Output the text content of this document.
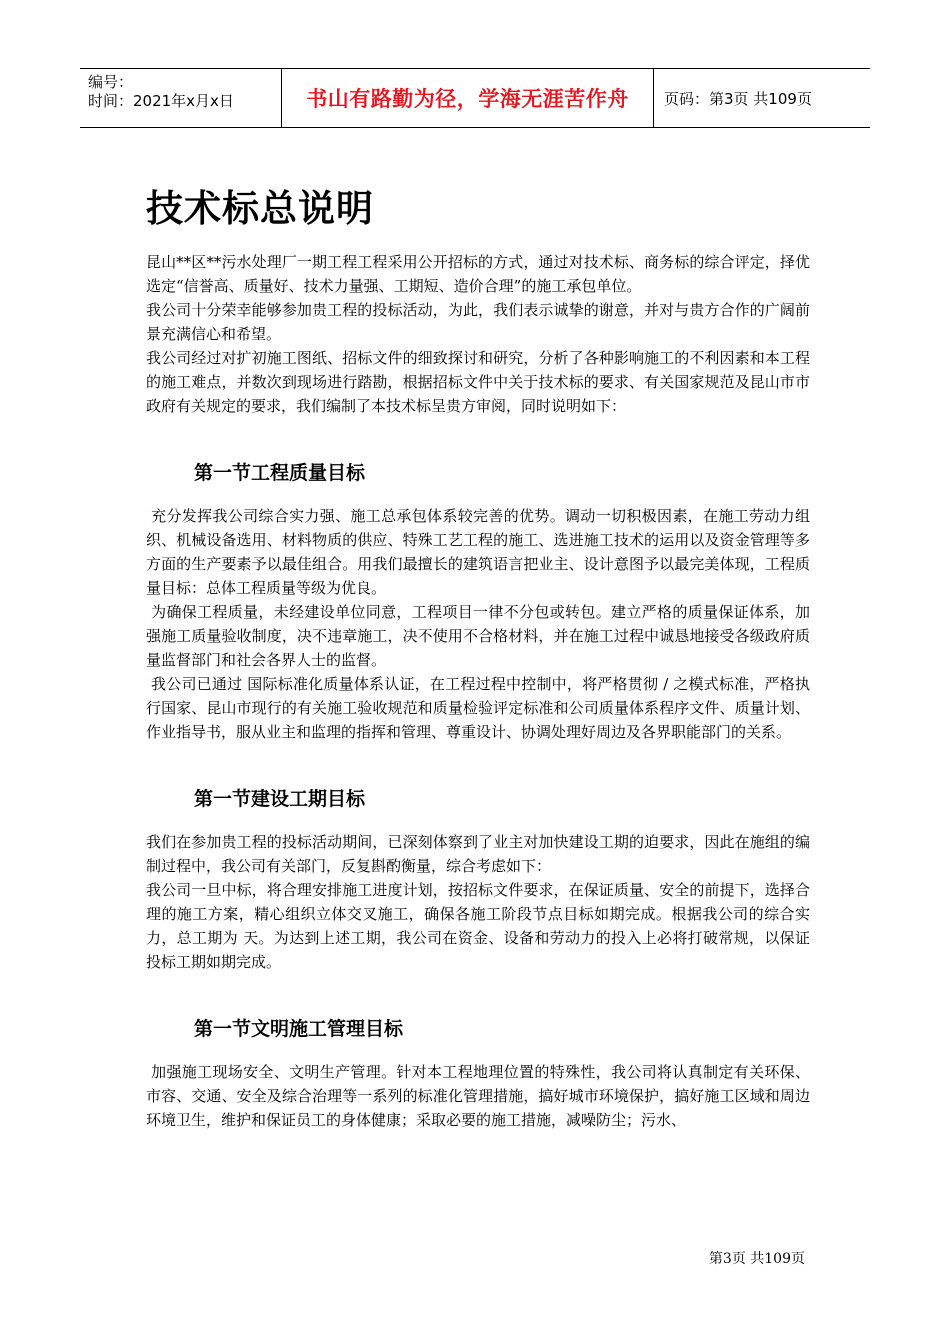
编号：
时间：2021年x月x日	书山有路勤为径，学海无涯苦作舟	页码：第3页 共109页
技术标总说明

昆山**区**污水处理厂一期工程工程采用公开招标的方式，通过对技术标、商务标的综合评定，择优选定“信誉高、质量好、技术力量强、工期短、造价合理”的施工承包单位。

我公司十分荣幸能够参加贵工程的投标活动，为此，我们表示诚挚的谢意，并对与贵方合作的广阔前景充满信心和希望。

我公司经过对扩初施工图纸、招标文件的细致探讨和研究，分析了各种影响施工的不利因素和本工程的施工难点，并数次到现场进行踏勘，根据招标文件中关于技术标的要求、有关国家规范及昆山市市政府有关规定的要求，我们编制了本技术标呈贵方审阅，同时说明如下：

第一节工程质量目标

充分发挥我公司综合实力强、施工总承包体系较完善的优势。调动一切积极因素，在施工劳动力组织、机械设备选用、材料物质的供应、特殊工艺工程的施工、选进施工技术的运用以及资金管理等多方面的生产要素予以最佳组合。用我们最擅长的建筑语言把业主、设计意图予以最完美体现，工程质量目标：总体工程质量等级为优良。

为确保工程质量，未经建设单位同意，工程项目一律不分包或转包。建立严格的质量保证体系，加强施工质量验收制度，决不违章施工，决不使用不合格材料，并在施工过程中诚恳地接受各级政府质量监督部门和社会各界人士的监督。

我公司已通过 国际标准化质量体系认证，在工程过程中控制中，将严格贯彻 / 之模式标准，严格执行国家、昆山市现行的有关施工验收规范和质量检验评定标准和公司质量体系程序文件、质量计划、作业指导书，服从业主和监理的指挥和管理、尊重设计、协调处理好周边及各界职能部门的关系。

第一节建设工期目标

我们在参加贵工程的投标活动期间，已深刻体察到了业主对加快建设工期的迫要求，因此在施组的编制过程中，我公司有关部门，反复斟酌衡量，综合考虑如下：

我公司一旦中标，将合理安排施工进度计划，按招标文件要求，在保证质量、安全的前提下，选择合理的施工方案，精心组织立体交叉施工，确保各施工阶段节点目标如期完成。根据我公司的综合实力，总工期为 天。为达到上述工期，我公司在资金、设备和劳动力的投入上必将打破常规，以保证投标工期如期完成。

第一节文明施工管理目标

加强施工现场安全、文明生产管理。针对本工程地理位置的特殊性，我公司将认真制定有关环保、市容、交通、安全及综合治理等一系列的标准化管理措施，搞好城市环境保护，搞好施工区域和周边环境卫生，维护和保证员工的身体健康；采取必要的施工措施，减噪防尘；污水、

第3页 共109页
